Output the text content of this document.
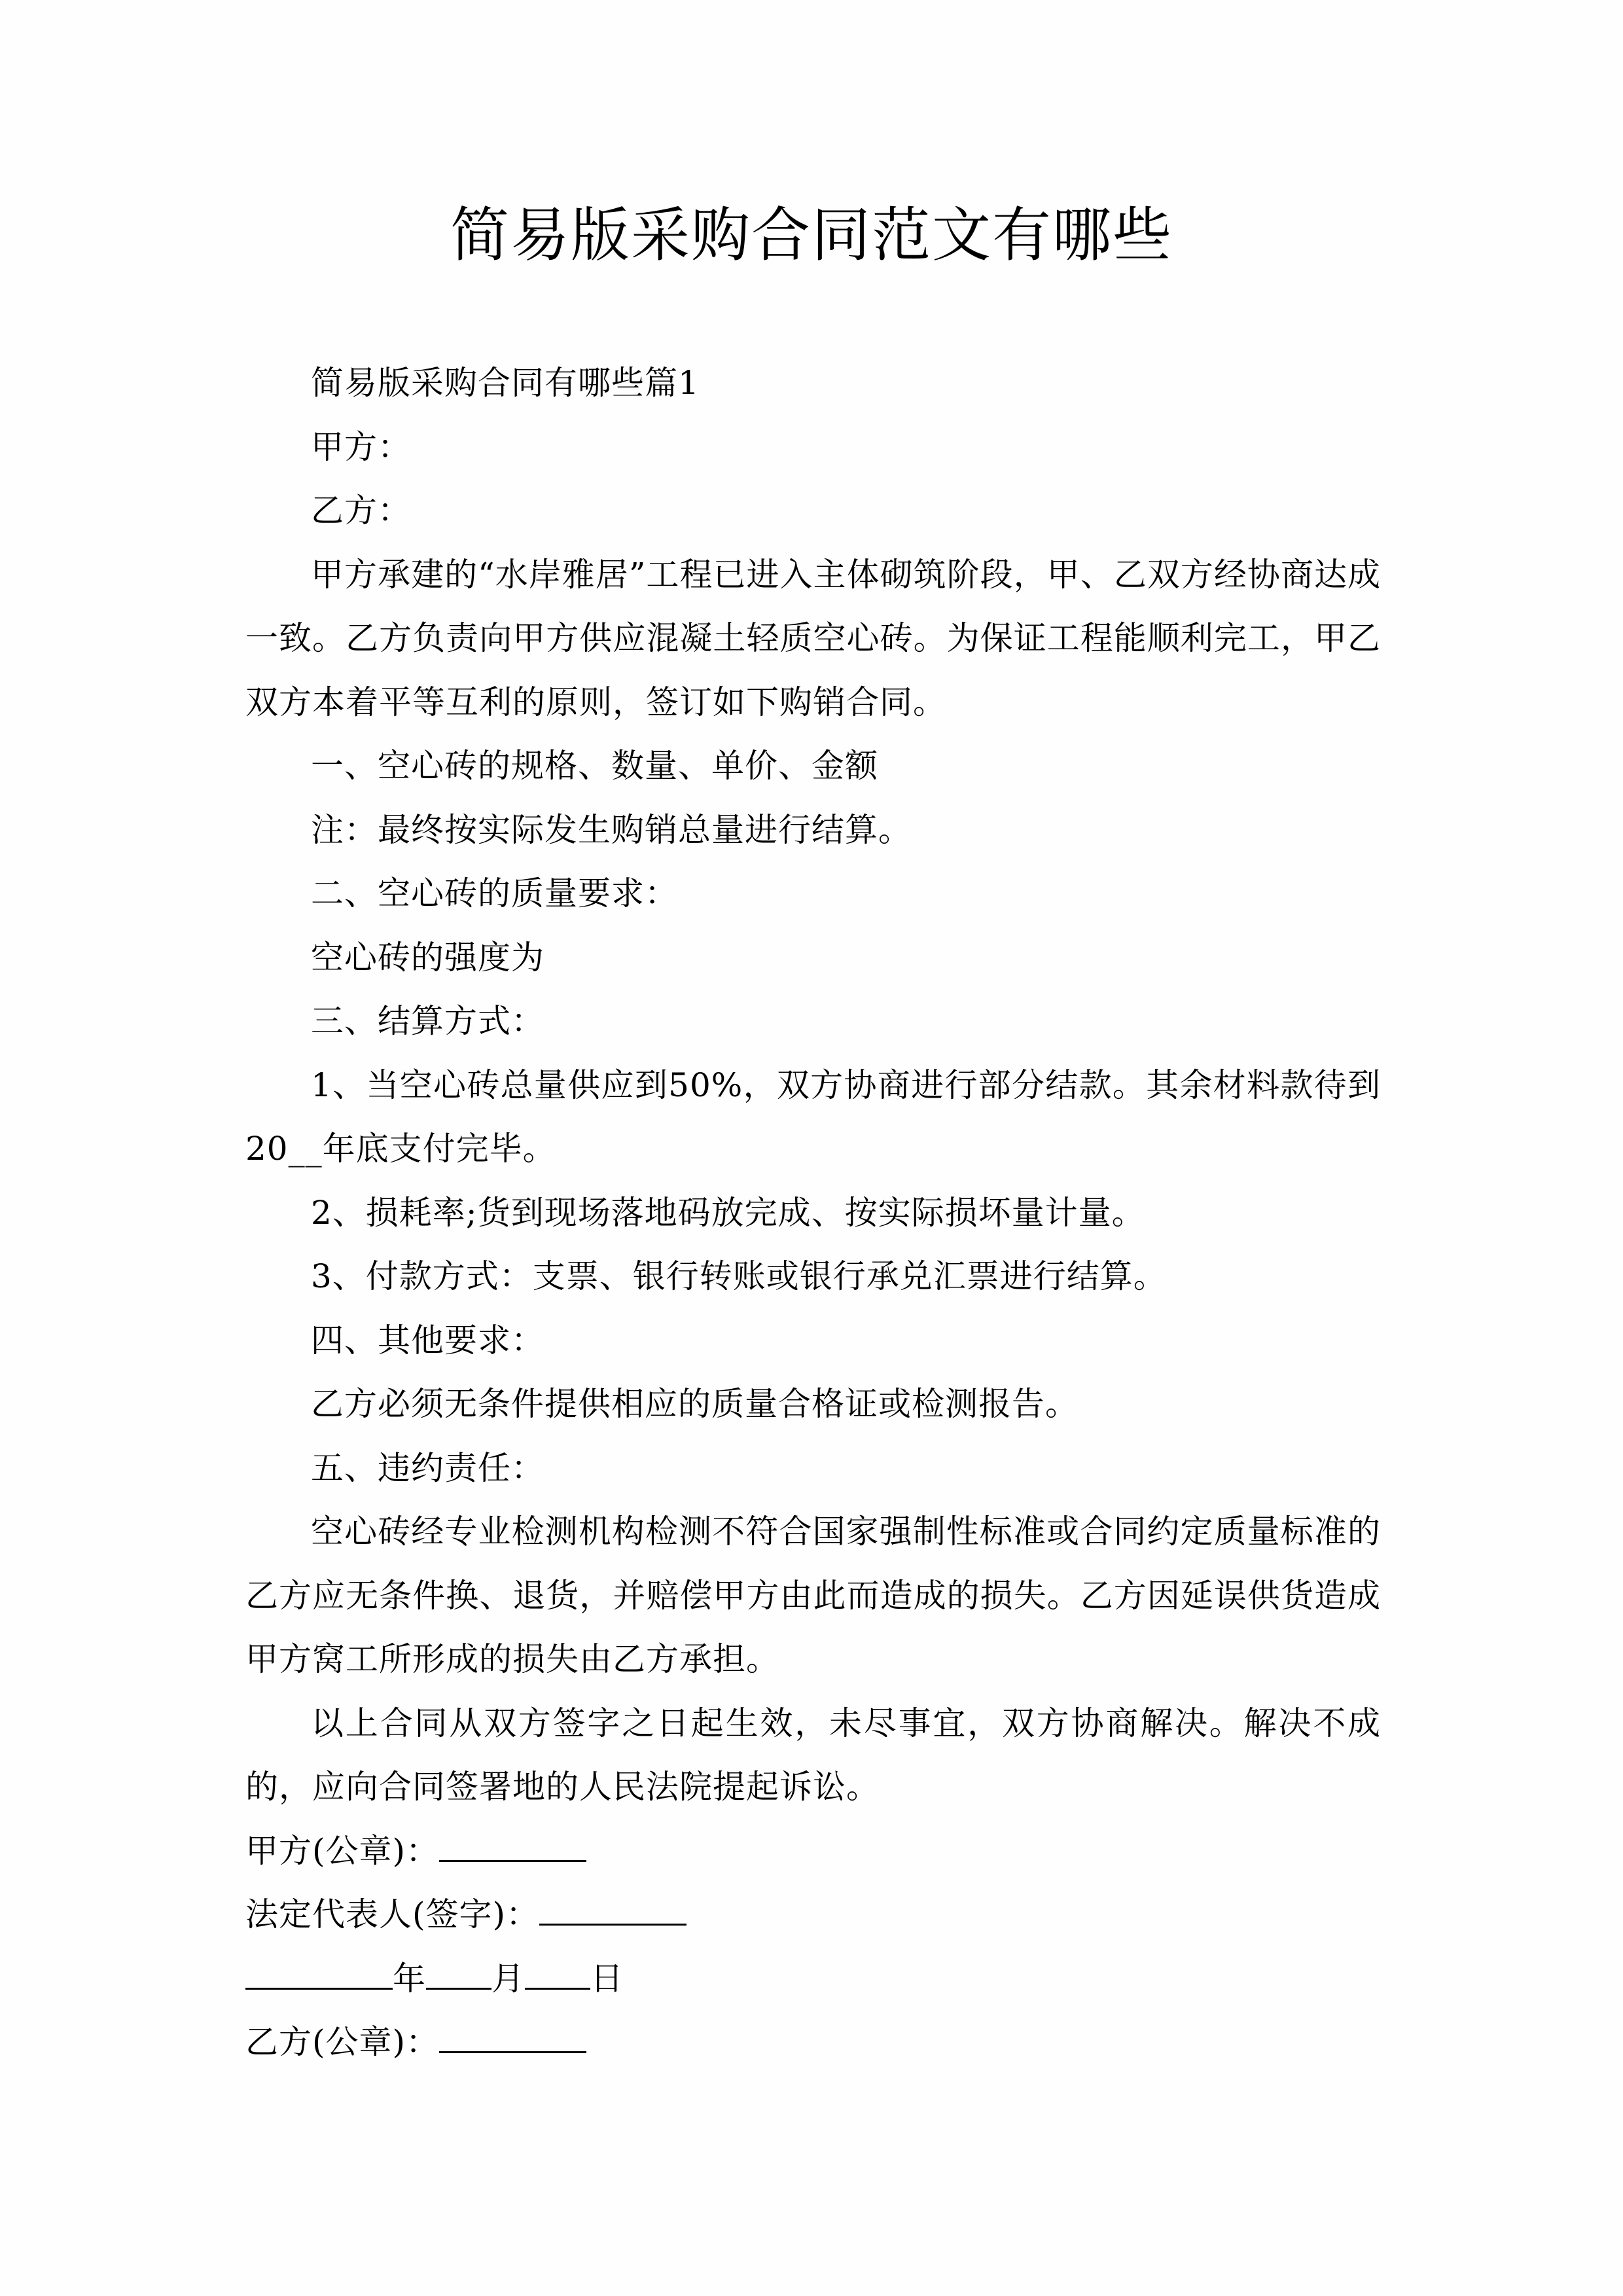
简易版采购合同范文有哪些

简易版采购合同有哪些篇1

甲方：

乙方：

甲方承建的“水岸雅居”工程已进入主体砌筑阶段，甲、乙双方经协商达成一致。乙方负责向甲方供应混凝土轻质空心砖。为保证工程能顺利完工，甲乙双方本着平等互利的原则，签订如下购销合同。

一、空心砖的规格、数量、单价、金额

注：最终按实际发生购销总量进行结算。

二、空心砖的质量要求：

空心砖的强度为

三、结算方式：

1、当空心砖总量供应到50%，双方协商进行部分结款。其余材料款待到20__年底支付完毕。

2、损耗率;货到现场落地码放完成、按实际损坏量计量。

3、付款方式：支票、银行转账或银行承兑汇票进行结算。

四、其他要求：

乙方必须无条件提供相应的质量合格证或检测报告。

五、违约责任：

空心砖经专业检测机构检测不符合国家强制性标准或合同约定质量标准的乙方应无条件换、退货，并赔偿甲方由此而造成的损失。乙方因延误供货造成甲方窝工所形成的损失由乙方承担。

以上合同从双方签字之日起生效，未尽事宜，双方协商解决。解决不成的，应向合同签署地的人民法院提起诉讼。

甲方(公章)：

法定代表人(签字)：

年 月 日

乙方(公章)：
